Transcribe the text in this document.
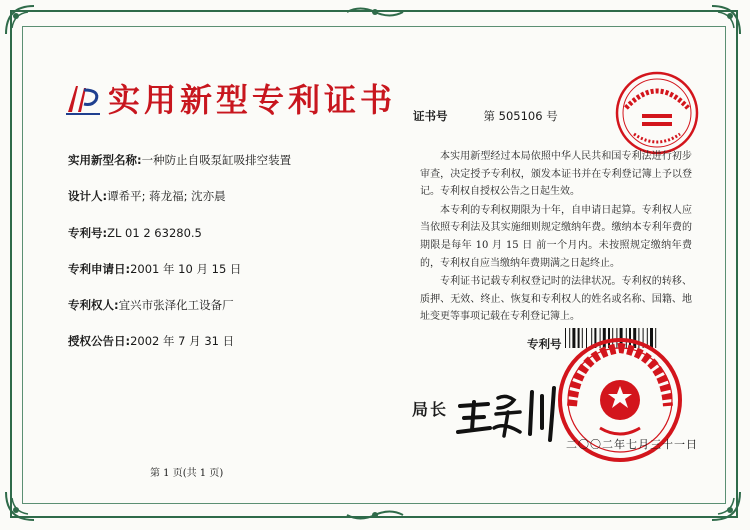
实用新型专利证书
实用新型名称:一种防止自吸泵缸吸排空装置
设计人:谭希平; 蒋龙福; 沈亦晨
专利号:ZL 01 2 63280.5
专利申请日:2001 年 10 月 15 日
专利权人:宜兴市张泽化工设备厂
授权公告日:2002 年 7 月 31 日
第 1 页(共 1 页)
证书号	第 505106 号

本实用新型经过本局依照中华人民共和国专利法进行初步审查，决定授予专利权，颁发本证书并在专利登记簿上予以登记。专利权自授权公告之日起生效。

本专利的专利权期限为十年，自申请日起算。专利权人应当依照专利法及其实施细则规定缴纳年费。缴纳本专利年费的期限是每年 10 月 15 日 前一个月内。未按照规定缴纳年费的，专利权自应当缴纳年费期满之日起终止。

专利证书记载专利权登记时的法律状况。专利权的转移、质押、无效、终止、恢复和专利权人的姓名或名称、国籍、地址变更等事项记载在专利登记簿上。

专利号
局长
二〇〇二年七月三十一日
